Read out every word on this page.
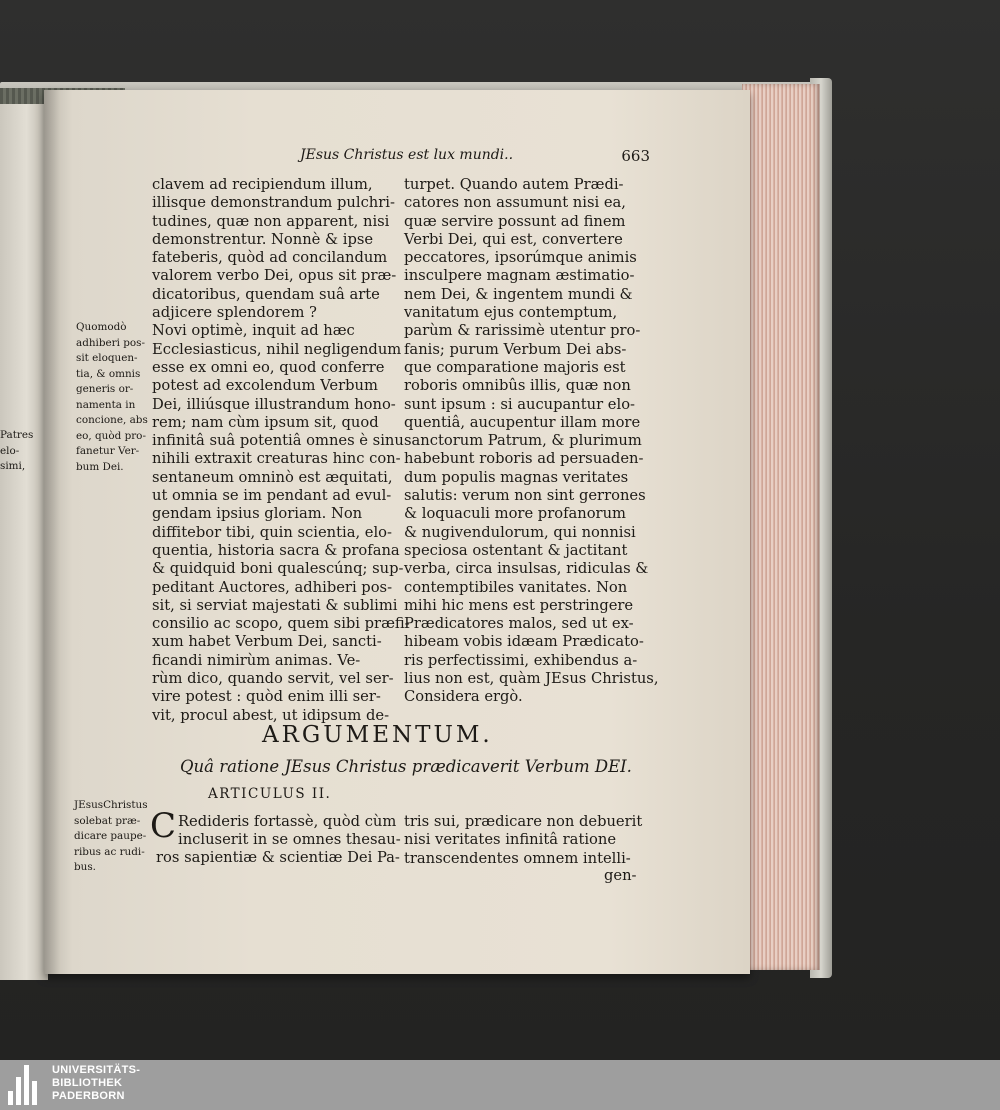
JEsus Christus est lux mundi..	663
clavem ad recipiendum illum,
illisque demonstrandum pulchri-
tudines, quæ non apparent, nisi
demonstrentur. Nonnè & ipse
fateberis, quòd ad concilandum
valorem verbo Dei, opus sit præ-
dicatoribus, quendam suâ arte
adjicere splendorem ?
Novi optimè, inquit ad hæc
Ecclesiasticus, nihil negligendum
esse ex omni eo, quod conferre
potest ad excolendum Verbum
Dei, illiúsque illustrandum hono-
rem; nam cùm ipsum sit, quod
infinitâ suâ potentiâ omnes è sinu
nihili extraxit creaturas hinc con-
sentaneum omninò est æquitati,
ut omnia se im pendant ad evul-
gendam ipsius gloriam. Non
diffitebor tibi, quin scientia, elo-
quentia, historia sacra & profana
& quidquid boni qualescúnq; sup-
peditant Auctores, adhiberi pos-
sit, si serviat majestati & sublimi
consilio ac scopo, quem sibi præfi-
xum habet Verbum Dei, sancti-
ficandi nimirùm animas. Ve-
rùm dico, quando servit, vel ser-
vire potest : quòd enim illi ser-
vit, procul abest, ut idipsum de-
turpet. Quando autem Prædi-
catores non assumunt nisi ea,
quæ servire possunt ad finem
Verbi Dei, qui est, convertere
peccatores, ipsorúmque animis
insculpere magnam æstimatio-
nem Dei, & ingentem mundi &
vanitatum ejus contemptum,
parùm & rarissimè utentur pro-
fanis; purum Verbum Dei abs-
que comparatione majoris est
roboris omnibûs illis, quæ non
sunt ipsum : si aucupantur elo-
quentiâ, aucupentur illam more
sanctorum Patrum, & plurimum
habebunt roboris ad persuaden-
dum populis magnas veritates
salutis: verum non sint gerrones
& loquaculi more profanorum
& nugivendulorum, qui nonnisi
speciosa ostentant & jactitant
verba, circa insulsas, ridiculas &
contemptibiles vanitates. Non
mihi hic mens est perstringere
Prædicatores malos, sed ut ex-
hibeam vobis idæam Prædicato-
ris perfectissimi, exhibendus a-
lius non est, quàm JEsus Christus,
Considera ergò.
Quomodò
adhiberi pos-
sit eloquen-
tia, & omnis
generis or-
namenta in
concione, abs
eo, quòd pro-
fanetur Ver-
bum Dei.
Patres
elo-
simi,
ARGUMENTUM.
Quâ ratione JEsus Christus prædicaverit Verbum DEI.
ARTICULUS II.
JEsusChristus
solebat præ-
dicare paupe-
ribus ac rudi-
bus.
C Redideris fortassè, quòd cùm
incluserit in se omnes thesau-
ros sapientiæ & scientiæ Dei Pa-
tris sui, prædicare non debuerit
nisi veritates infinitâ ratione
transcendentes omnem intelli-
gen-
UNIVERSITÄTS-
BIBLIOTHEK
PADERBORN
